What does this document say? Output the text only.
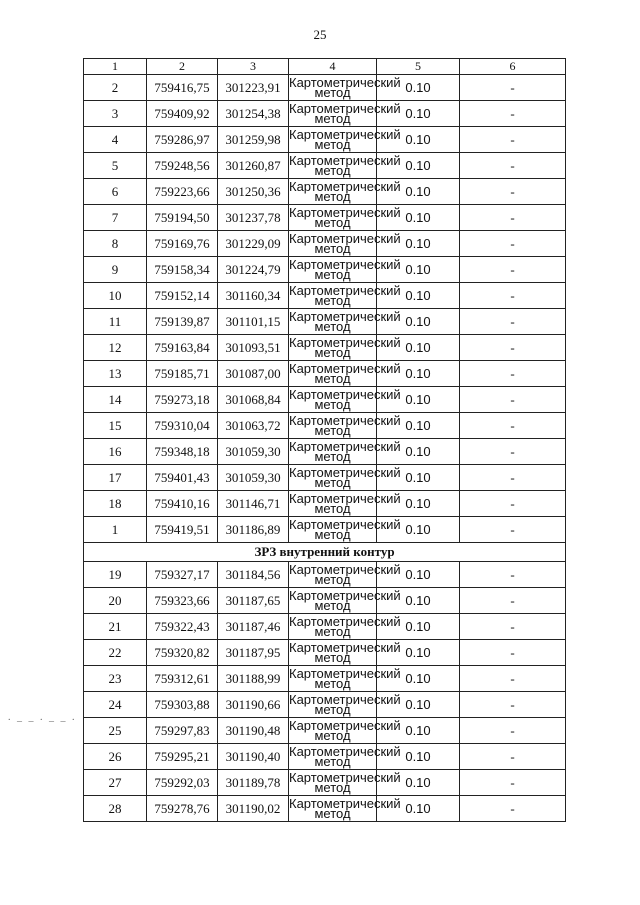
25
. _ _ . _ _ .
1	2	3	4	5	6
2	759416,75	301223,91	Картометрический метод	0.10	-
3	759409,92	301254,38	Картометрический метод	0.10	-
4	759286,97	301259,98	Картометрический метод	0.10	-
5	759248,56	301260,87	Картометрический метод	0.10	-
6	759223,66	301250,36	Картометрический метод	0.10	-
7	759194,50	301237,78	Картометрический метод	0.10	-
8	759169,76	301229,09	Картометрический метод	0.10	-
9	759158,34	301224,79	Картометрический метод	0.10	-
10	759152,14	301160,34	Картометрический метод	0.10	-
11	759139,87	301101,15	Картометрический метод	0.10	-
12	759163,84	301093,51	Картометрический метод	0.10	-
13	759185,71	301087,00	Картометрический метод	0.10	-
14	759273,18	301068,84	Картометрический метод	0.10	-
15	759310,04	301063,72	Картометрический метод	0.10	-
16	759348,18	301059,30	Картометрический метод	0.10	-
17	759401,43	301059,30	Картометрический метод	0.10	-
18	759410,16	301146,71	Картометрический метод	0.10	-
1	759419,51	301186,89	Картометрический метод	0.10	-
ЗРЗ внутренний контур					
19	759327,17	301184,56	Картометрический метод	0.10	-
20	759323,66	301187,65	Картометрический метод	0.10	-
21	759322,43	301187,46	Картометрический метод	0.10	-
22	759320,82	301187,95	Картометрический метод	0.10	-
23	759312,61	301188,99	Картометрический метод	0.10	-
24	759303,88	301190,66	Картометрический метод	0.10	-
25	759297,83	301190,48	Картометрический метод	0.10	-
26	759295,21	301190,40	Картометрический метод	0.10	-
27	759292,03	301189,78	Картометрический метод	0.10	-
28	759278,76	301190,02	Картометрический метод	0.10	-
